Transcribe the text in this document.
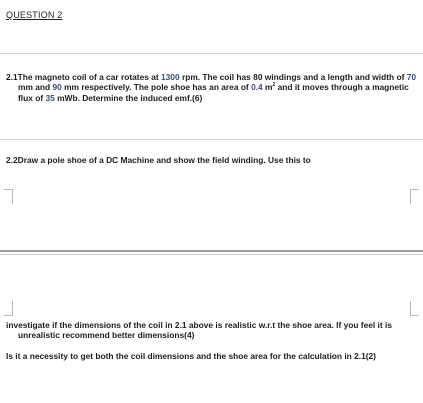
QUESTION 2
2.1The magneto coil of a car rotates at 1300 rpm. The coil has 80 windings and a length and width of 70 mm and 90 mm respectively. The pole shoe has an area of 0.4 $m^2$ and it moves through a magnetic flux of 35 mWb. Determine the induced emf.(6)
2.2Draw a pole shoe of a DC Machine and show the field winding. Use this to
investigate if the dimensions of the coil in 2.1 above is realistic w.r.t the shoe area. If you feel it is unrealistic recommend better dimensions(4)
Is it a necessity to get both the coil dimensions and the shoe area for the calculation in 2.1(2)
